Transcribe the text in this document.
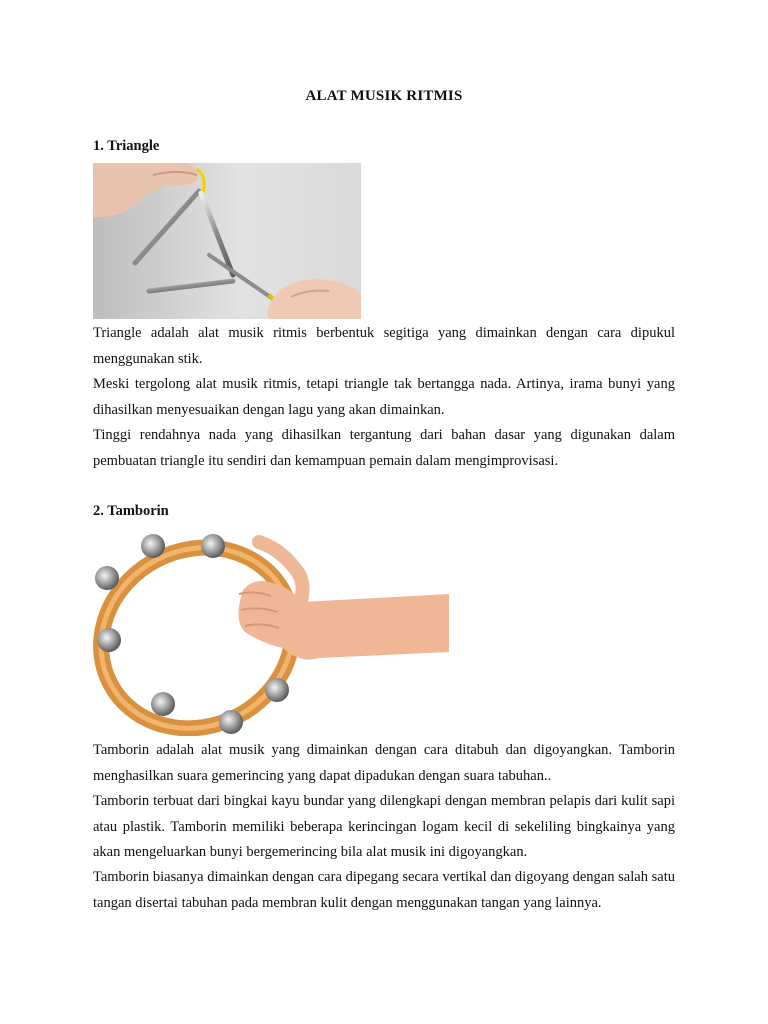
ALAT MUSIK RITMIS
1. Triangle

Triangle adalah alat musik ritmis berbentuk segitiga yang dimainkan dengan cara dipukul menggunakan stik.

Meski tergolong alat musik ritmis, tetapi triangle tak bertangga nada. Artinya, irama bunyi yang dihasilkan menyesuaikan dengan lagu yang akan dimainkan.

Tinggi rendahnya nada yang dihasilkan tergantung dari bahan dasar yang digunakan dalam pembuatan triangle itu sendiri dan kemampuan pemain dalam mengimprovisasi.

2. Tamborin

Tamborin adalah alat musik yang dimainkan dengan cara ditabuh dan digoyangkan. Tamborin menghasilkan suara gemerincing yang dapat dipadukan dengan suara tabuhan..

Tamborin terbuat dari bingkai kayu bundar yang dilengkapi dengan membran pelapis dari kulit sapi atau plastik. Tamborin memiliki beberapa kerincingan logam kecil di sekeliling bingkainya yang akan mengeluarkan bunyi bergemerincing bila alat musik ini digoyangkan.

Tamborin biasanya dimainkan dengan cara dipegang secara vertikal dan digoyang dengan salah satu tangan disertai tabuhan pada membran kulit dengan menggunakan tangan yang lainnya.
